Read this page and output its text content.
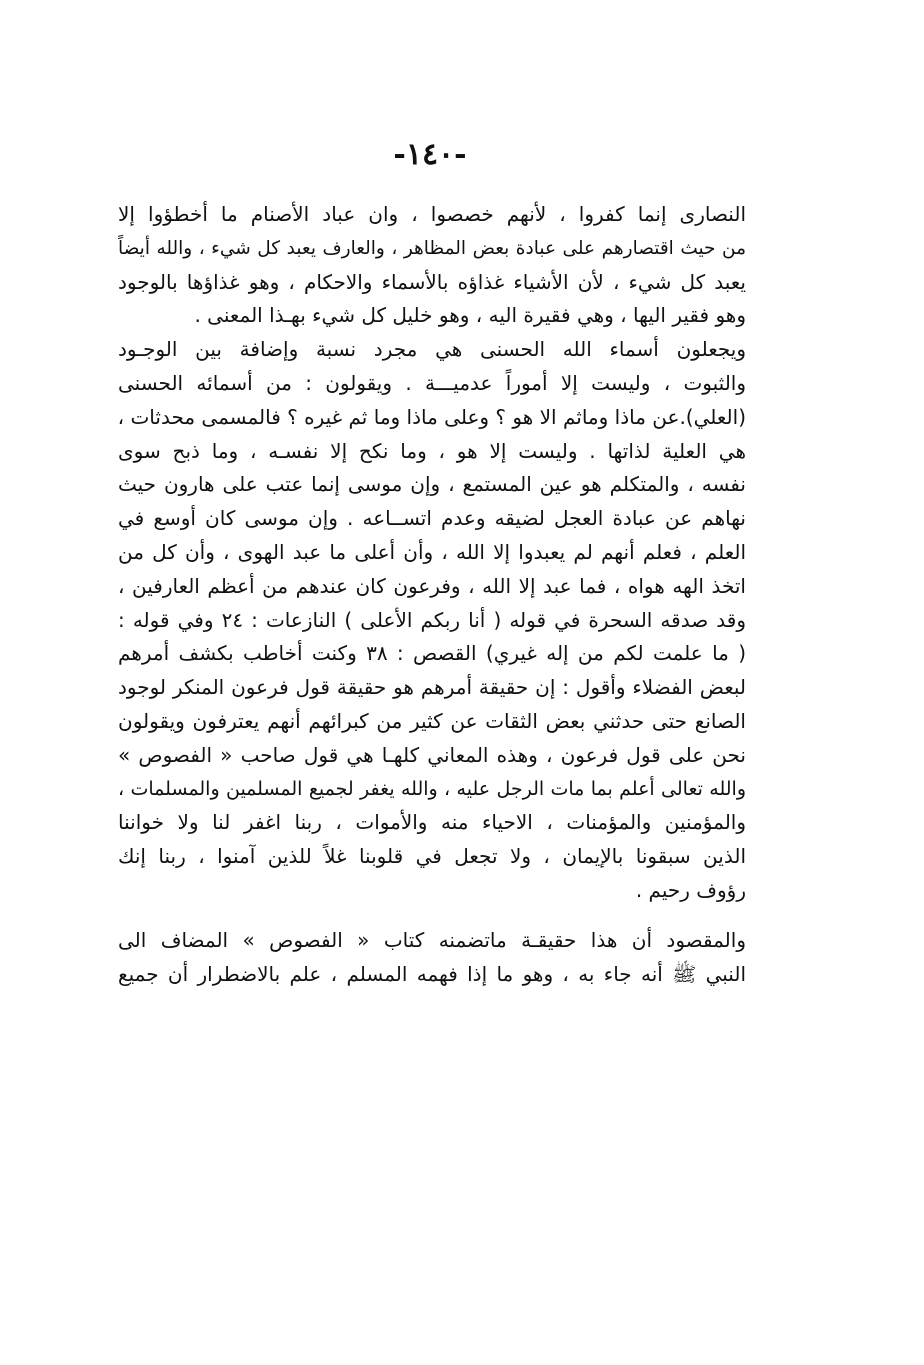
-١٤٠-
النصارى إنما كفروا ، لأنهم خصصوا ، وان عباد الأصنام ما أخطؤوا إلا
من حيث اقتصارهم على عبادة بعض المظاهر ، والعارف يعبد كل شيء ، والله أيضاً
يعبد كل شيء ، لأن الأشياء غذاؤه بالأسماء والاحكام ، وهو غذاؤها بالوجود
وهو فقير اليها ، وهي فقيرة اليه ، وهو خليل كل شيء بهـذا المعنى .
ويجعلون أسماء الله الحسنى هي مجرد نسبة وإضافة بين الوجـود
والثبوت ، وليست إلا أموراً عدميـــة . ويقولون : من أسمائه الحسنى
(العلي).عن ماذا وماثم الا هو ؟ وعلى ماذا وما ثم غيره ؟ فالمسمى محدثات ،
هي العلية لذاتها . وليست إلا هو ، وما نكح إلا نفسـه ، وما ذبح سوى
نفسه ، والمتكلم هو عين المستمع ، وإن موسى إنما عتب على هارون حيث
نهاهم عن عبادة العجل لضيقه وعدم اتســاعه . وإن موسى كان أوسع في
العلم ، فعلم أنهم لم يعبدوا إلا الله ، وأن أعلى ما عبد الهوى ، وأن كل من
اتخذ الهه هواه ، فما عبد إلا الله ، وفرعون كان عندهم من أعظم العارفين ،
وقد صدقه السحرة في قوله ( أنا ربكم الأعلى ) النازعات : ٢٤ وفي قوله :
( ما علمت لكم من إله غيري) القصص : ٣٨ وكنت أخاطب بكشف أمرهم
لبعض الفضلاء وأقول : إن حقيقة أمرهم هو حقيقة قول فرعون المنكر لوجود
الصانع حتى حدثني بعض الثقات عن كثير من كبرائهم أنهم يعترفون ويقولون
نحن على قول فرعون ، وهذه المعاني كلهـا هي قول صاحب « الفصوص »
والله تعالى أعلم بما مات الرجل عليه ، والله يغفر لجميع المسلمين والمسلمات ،
والمؤمنين والمؤمنات ، الاحياء منه والأموات ، ربنا اغفر لنا ولا خواننا
الذين سبقونا بالإيمان ، ولا تجعل في قلوبنا غلاً للذين آمنوا ، ربنا إنك
رؤوف رحيم .
والمقصود أن هذا حقيقـة ماتضمنه كتاب « الفصوص » المضاف الى
النبي ﷺ أنه جاء به ، وهو ما إذا فهمه المسلم ، علم بالاضطرار أن جميع
